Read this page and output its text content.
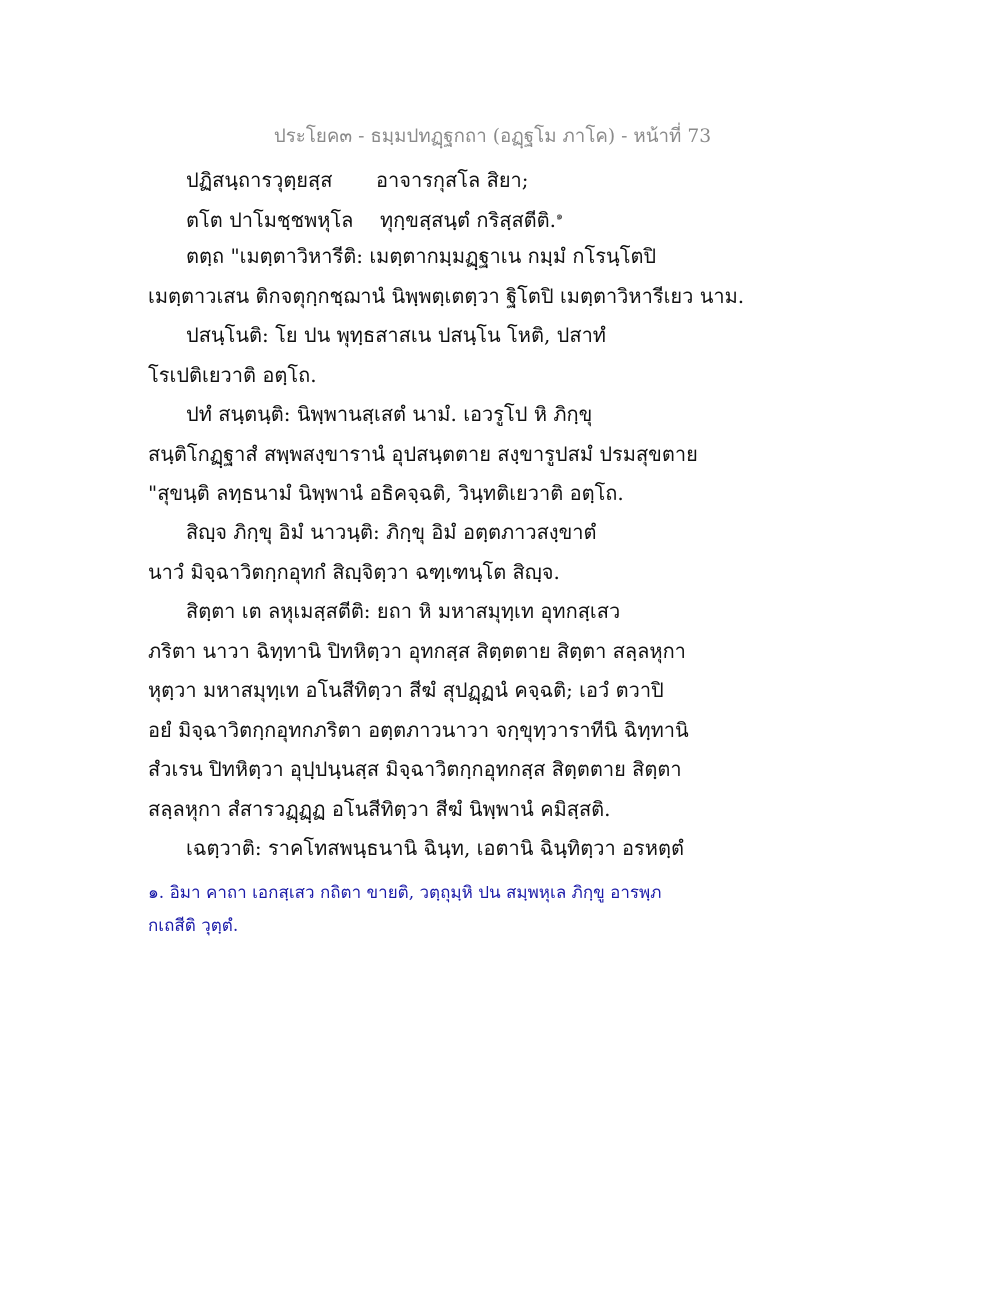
ประโยค๓ - ธมฺมปทฏฺฐกถา (อฏฺฐโม ภาโค) - หน้าที่ 73
ปฏิสนฺถารวุตฺยสฺส อาจารกุสโล สิยา;
ตโต ปาโมชฺชพหุโล ทุกฺขสฺสนฺตํ กริสฺสตีติ.$^๑$
ตตฺถ "เมตฺตาวิหารีติ: เมตฺตากมฺมฏฺฐาเน กมฺมํ กโรนฺโตปิ
เมตฺตาวเสน ติกจตุกฺกชฺฌานํ นิพฺพตฺเตตฺวา ฐิโตปิ เมตฺตาวิหารีเยว นาม.
ปสนฺโนติ: โย ปน พุทฺธสาสเน ปสนฺโน โหติ, ปสาทํ
โรเปติเยวาติ อตฺโถ.
ปทํ สนฺตนฺติ: นิพฺพานสฺเสตํ นามํ. เอวรูโป หิ ภิกฺขุ
สนฺติโกฏฺฐาสํ สพฺพสงฺขารานํ อุปสนฺตตาย สงฺขารูปสมํ ปรมสุขตาย
"สุขนฺติ ลทฺธนามํ นิพฺพานํ อธิคจฺฉติ, วินฺทติเยวาติ อตฺโถ.
สิญฺจ ภิกฺขุ อิมํ นาวนฺติ: ภิกฺขุ อิมํ อตฺตภาวสงฺขาตํ
นาวํ มิจฺฉาวิตกฺกอุทกํ สิญฺจิตฺวา ฉฑฺเฑนฺโต สิญฺจ.
สิตฺตา เต ลหุเมสฺสตีติ: ยถา หิ มหาสมุทฺเท อุทกสฺเสว
ภริตา นาวา ฉิทฺทานิ ปิทหิตฺวา อุทกสฺส สิตฺตตาย สิตฺตา สลฺลหุกา
หุตฺวา มหาสมุทฺเท อโนสีทิตฺวา สีฆํ สุปฏฺฏนํ คจฺฉติ; เอวํ ตวาปิ
อยํ มิจฺฉาวิตกฺกอุทกภริตา อตฺตภาวนาวา จกฺขุทฺวาราทีนิ ฉิทฺทานิ
สํวเรน ปิทหิตฺวา อุปฺปนฺนสฺส มิจฺฉาวิตกฺกอุทกสฺส สิตฺตตาย สิตฺตา
สลฺลหุกา สํสารวฏฺฏฺฏ อโนสีทิตฺวา สีฆํ นิพฺพานํ คมิสฺสติ.
เฉตฺวาติ: ราคโทสพนฺธนานิ ฉินฺท, เอตานิ ฉินฺทิตฺวา อรหตฺตํ
๑. อิมา คาถา เอกสฺเสว กถิตา ขายติ, วตฺถุมฺหิ ปน สมฺพหุเล ภิกฺขู อารพฺภ
กเถสีติ วุตฺตํ.
